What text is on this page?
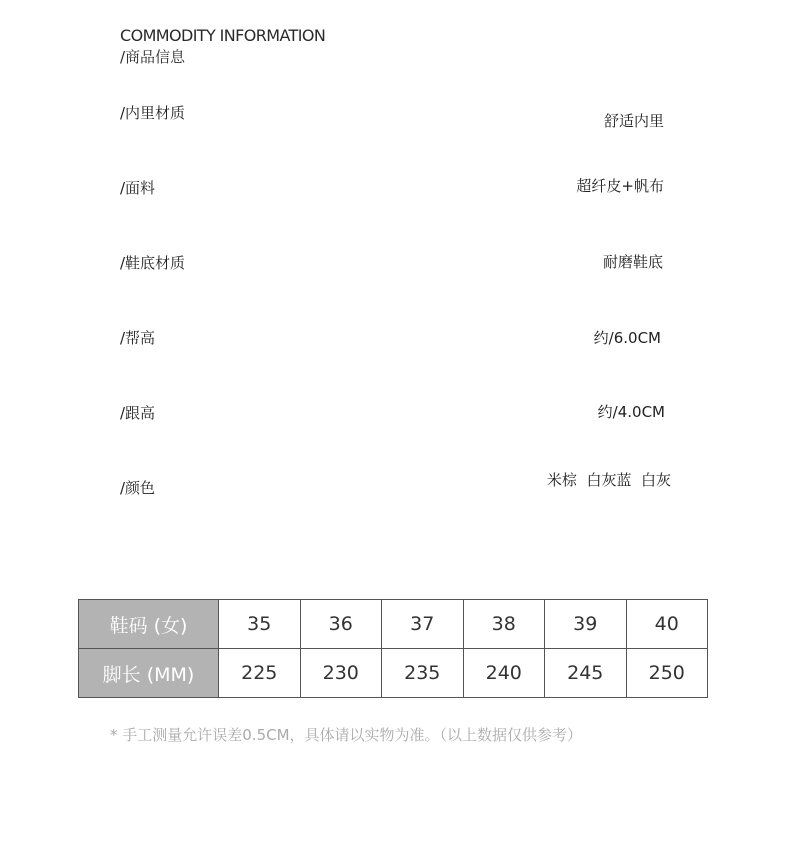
COMMODITY INFORMATION
/商品信息
/内里材质	舒适内里
/面料	超纤皮+帆布
/鞋底材质	耐磨鞋底
/帮高	约/6.0CM
/跟高	约/4.0CM
/颜色	米棕  白灰蓝  白灰
鞋码 (女)	35	36	37	38	39	40
脚长 (MM)	225	230	235	240	245	250
* 手工测量允许误差0.5CM，具体请以实物为准。（以上数据仅供参考）
